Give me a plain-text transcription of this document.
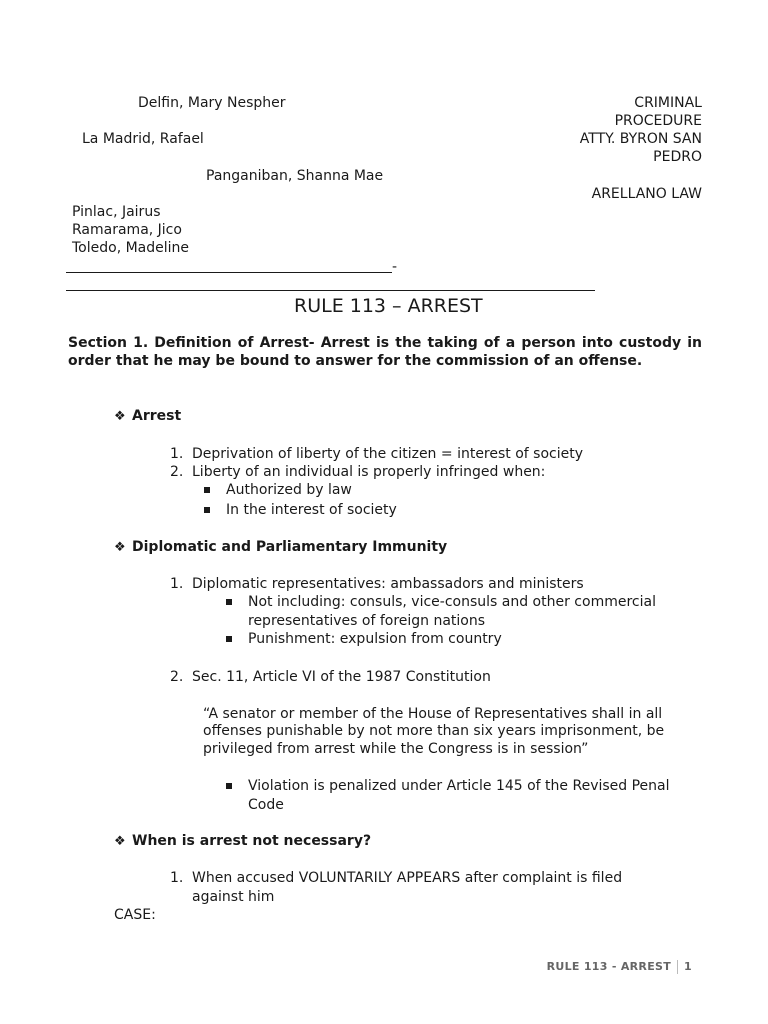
Delfin, Mary Nespher
La Madrid, Rafael
Panganiban, Shanna Mae
Pinlac, Jairus
Ramarama, Jico
Toledo, Madeline
CRIMINAL
PROCEDURE
ATTY. BYRON SAN
PEDRO
ARELLANO LAW
-
RULE 113 – ARREST
Section 1. Definition of Arrest- Arrest is the taking of a person into custody in order that he may be bound to answer for the commission of an offense.
❖ Arrest
1. Deprivation of liberty of the citizen = interest of society
2. Liberty of an individual is properly infringed when:
Authorized by law
In the interest of society
❖ Diplomatic and Parliamentary Immunity
1. Diplomatic representatives: ambassadors and ministers
Not including: consuls, vice-consuls and other commercial
representatives of foreign nations
Punishment: expulsion from country
2. Sec. 11, Article VI of the 1987 Constitution
“A senator or member of the House of Representatives shall in all
offenses punishable by not more than six years imprisonment, be
privileged from arrest while the Congress is in session”
Violation is penalized under Article 145 of the Revised Penal
Code
❖ When is arrest not necessary?
1. When accused VOLUNTARILY APPEARS after complaint is filed
against him
CASE:
RULE 113 - ARREST 1
